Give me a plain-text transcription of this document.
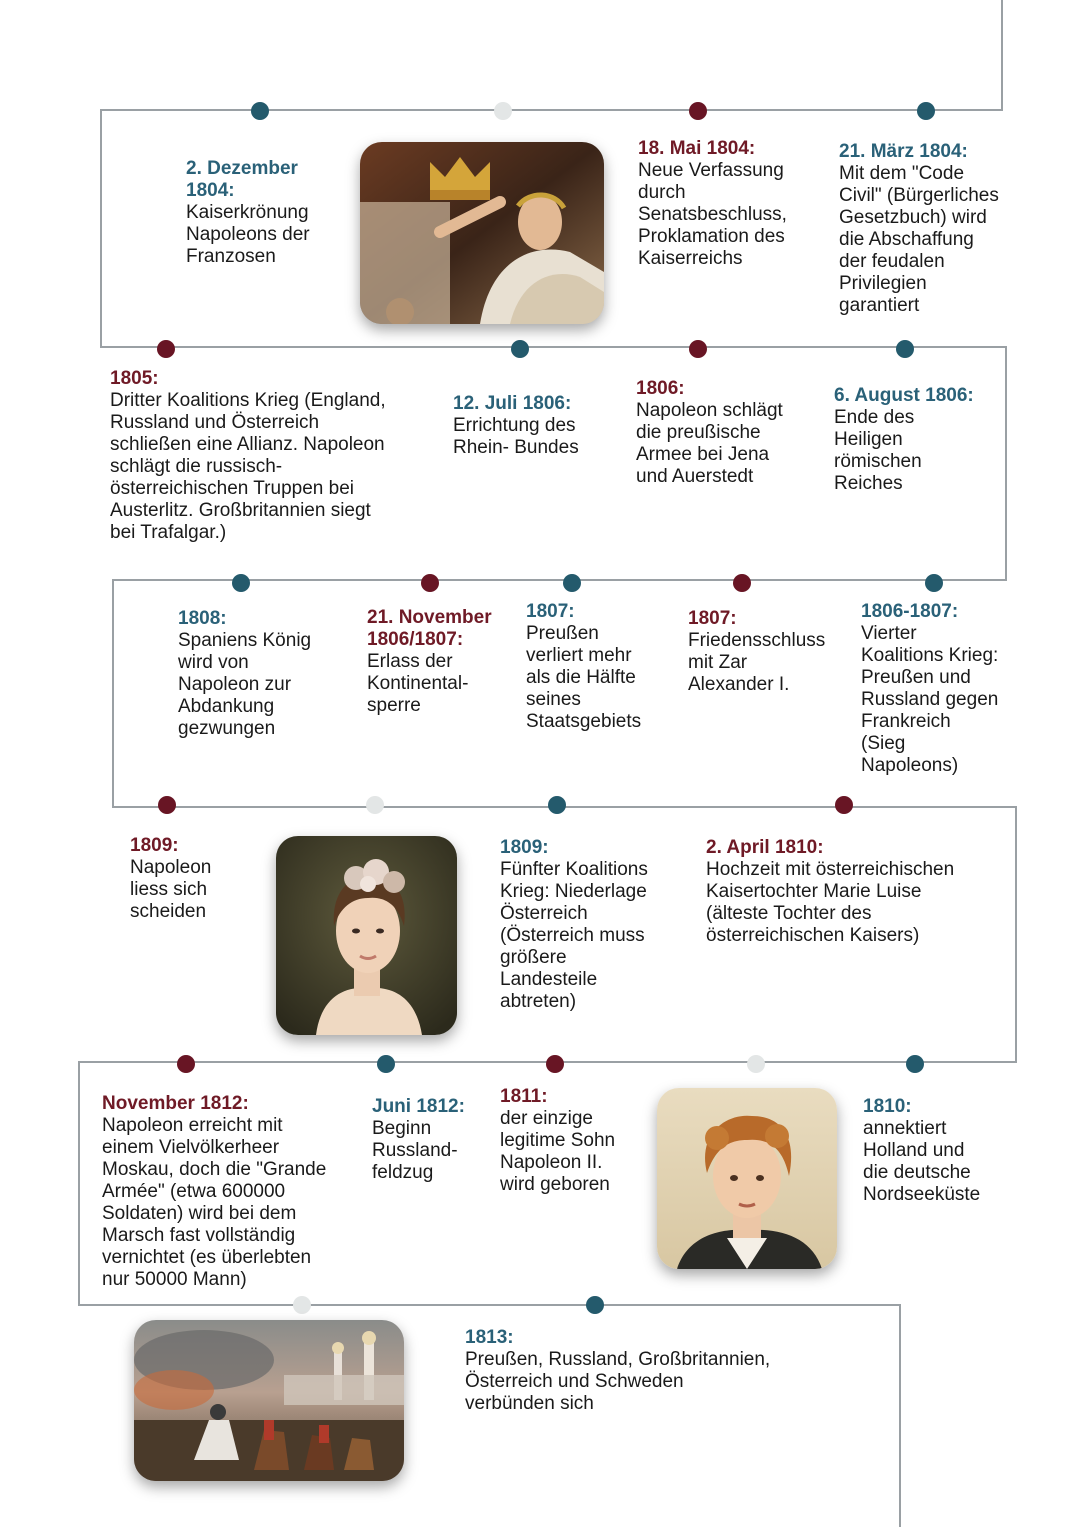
2. Dezember 1804:
Kaiserkrönung
Napoleons der
Franzosen
18. Mai 1804:
Neue Verfassung
durch
Senatsbeschluss,
Proklamation des
Kaiserreichs
21. März 1804:
Mit dem "Code
Civil" (Bürgerliches
Gesetzbuch) wird
die Abschaffung
der feudalen
Privilegien
garantiert
1805:
Dritter Koalitions Krieg (England,
Russland und Österreich
schließen eine Allianz. Napoleon
schlägt die russisch-
österreichischen Truppen bei
Austerlitz. Großbritannien siegt
bei Trafalgar.)
12. Juli 1806:
Errichtung des
Rhein- Bundes
1806:
Napoleon schlägt
die preußische
Armee bei Jena
und Auerstedt
6. August 1806:
Ende des
Heiligen
römischen
Reiches
1808:
Spaniens König
wird von
Napoleon zur
Abdankung
gezwungen
21. November 1806/1807:
Erlass der
Kontinental-
sperre
1807:
Preußen
verliert mehr
als die Hälfte
seines
Staatsgebiets
1807:
Friedensschluss
mit Zar
Alexander I.
1806-1807:
Vierter
Koalitions Krieg:
Preußen und
Russland gegen
Frankreich
(Sieg
Napoleons)
1809:
Napoleon
liess sich
scheiden
1809:
Fünfter Koalitions
Krieg: Niederlage
Österreich
(Österreich muss
größere
Landesteile
abtreten)
2. April 1810:
Hochzeit mit österreichischen
Kaisertochter Marie Luise
(älteste Tochter des
österreichischen Kaisers)
November 1812:
Napoleon erreicht mit
einem Vielvölkerheer
Moskau, doch die "Grande
Armée" (etwa 600000
Soldaten) wird bei dem
Marsch fast vollständig
vernichtet (es überlebten
nur 50000 Mann)
Juni 1812:
Beginn
Russland-
feldzug
1811:
der einzige
legitime Sohn
Napoleon II.
wird geboren
1810:
annektiert
Holland und
die deutsche
Nordseeküste
1813:
Preußen, Russland, Großbritannien,
Österreich und Schweden
verbünden sich
